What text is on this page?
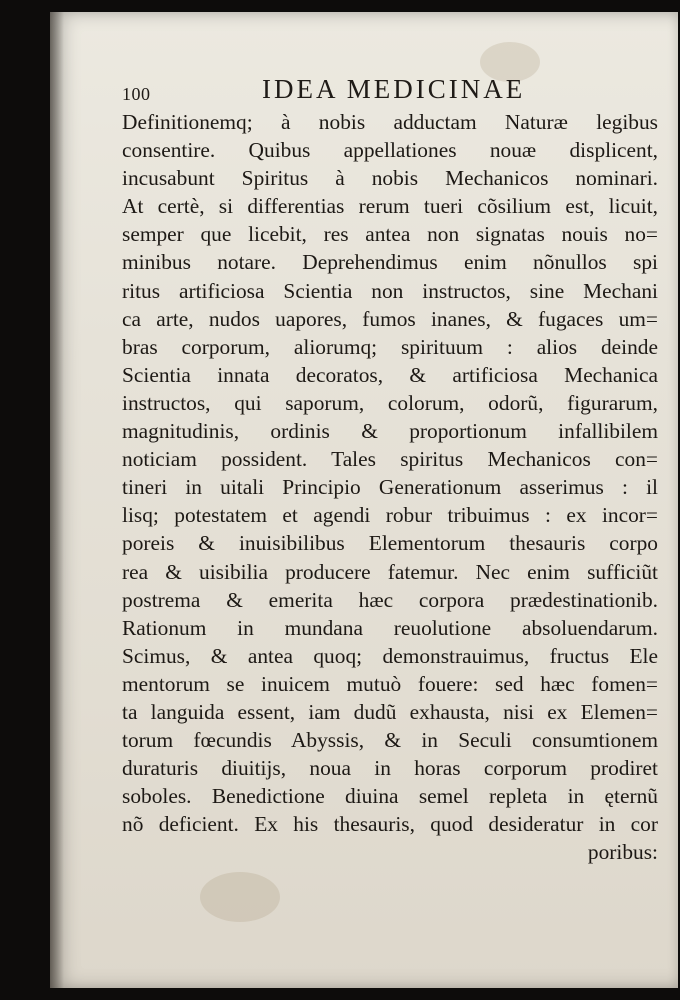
100	IDEA MEDICINAE
Definitionemq; à nobis adductam Naturæ legibus
consentire. Quibus appellationes nouæ displicent,
incusabunt Spiritus à nobis Mechanicos nominari.
At certè, si differentias rerum tueri cõsilium est, licuit,
semper que licebit, res antea non signatas nouis no=
minibus notare. Deprehendimus enim nõnullos spi
ritus artificiosa Scientia non instructos, sine Mechani
ca arte, nudos uapores, fumos inanes, & fugaces um=
bras corporum, aliorumq; spirituum : alios deinde
Scientia innata decoratos, & artificiosa Mechanica
instructos, qui saporum, colorum, odorũ, figurarum,
magnitudinis, ordinis & proportionum infallibilem
noticiam possident. Tales spiritus Mechanicos con=
tineri in uitali Principio Generationum asserimus : il
lisq; potestatem et agendi robur tribuimus : ex incor=
poreis & inuisibilibus Elementorum thesauris corpo
rea & uisibilia producere fatemur. Nec enim sufficiũt
postrema & emerita hæc corpora prædestinationib.
Rationum in mundana reuolutione absoluendarum.
Scimus, & antea quoq; demonstrauimus, fructus Ele
mentorum se inuicem mutuò fouere: sed hæc fomen=
ta languida essent, iam dudũ exhausta, nisi ex Elemen=
torum fœcundis Abyssis, & in Seculi consumtionem
duraturis diuitijs, noua in horas corporum prodiret
soboles. Benedictione diuina semel repleta in ęternũ
nõ deficient. Ex his thesauris, quod desideratur in cor
poribus:
